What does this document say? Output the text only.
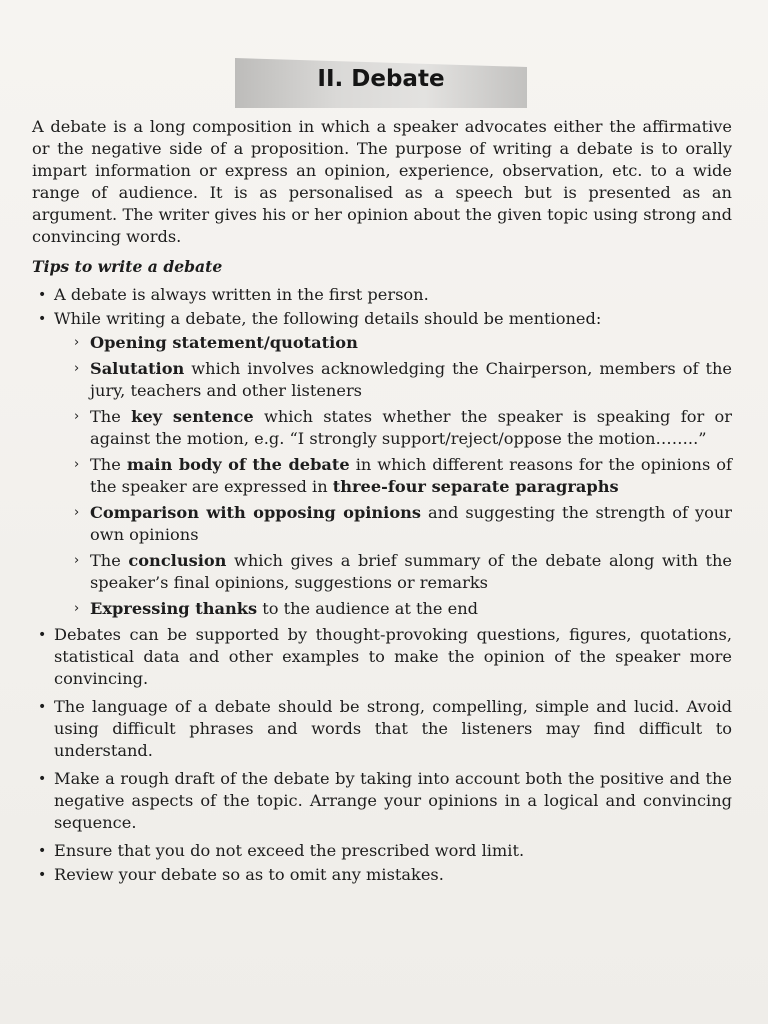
II. Debate

A debate is a long composition in which a speaker advocates either the affirmative or the negative side of a proposition. The purpose of writing a debate is to orally impart information or express an opinion, experience, observation, etc. to a wide range of audience. It is as personalised as a speech but is presented as an argument. The writer gives his or her opinion about the given topic using strong and convincing words.

Tips to write a debate

• A debate is always written in the first person.
• While writing a debate, the following details should be mentioned:
› Opening statement/quotation
› Salutation which involves acknowledging the Chairperson, members of the jury, teachers and other listeners
› The key sentence which states whether the speaker is speaking for or against the motion, e.g. “I strongly support/reject/oppose the motion……..”
› The main body of the debate in which different reasons for the opinions of the speaker are expressed in three-four separate paragraphs
› Comparison with opposing opinions and suggesting the strength of your own opinions
› The conclusion which gives a brief summary of the debate along with the speaker’s final opinions, suggestions or remarks
› Expressing thanks to the audience at the end
• Debates can be supported by thought-provoking questions, figures, quotations, statistical data and other examples to make the opinion of the speaker more convincing.
• The language of a debate should be strong, compelling, simple and lucid. Avoid using difficult phrases and words that the listeners may find difficult to understand.
• Make a rough draft of the debate by taking into account both the positive and the negative aspects of the topic. Arrange your opinions in a logical and convincing sequence.
• Ensure that you do not exceed the prescribed word limit.
• Review your debate so as to omit any mistakes.
